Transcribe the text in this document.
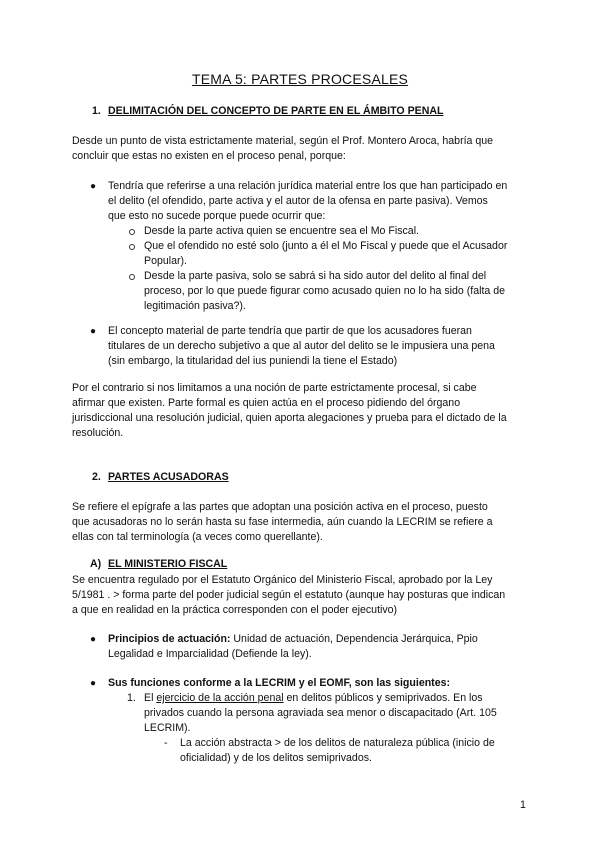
TEMA 5: PARTES PROCESALES
1. DELIMITACIÓN DEL CONCEPTO DE PARTE EN EL ÁMBITO PENAL
Desde un punto de vista estrictamente material, según el Prof. Montero Aroca, habría que
concluir que estas no existen en el proceso penal, porque:
● Tendría que referirse a una relación jurídica material entre los que han participado en
el delito (el ofendido, parte activa y el autor de la ofensa en parte pasiva). Vemos
que esto no sucede porque puede ocurrir que:
Desde la parte activa quien se encuentre sea el Mo Fiscal.
Que el ofendido no esté solo (junto a él el Mo Fiscal y puede que el Acusador
Popular).
Desde la parte pasiva, solo se sabrá si ha sido autor del delito al final del
proceso, por lo que puede figurar como acusado quien no lo ha sido (falta de
legitimación pasiva?).
● El concepto material de parte tendría que partir de que los acusadores fueran
titulares de un derecho subjetivo a que al autor del delito se le impusiera una pena
(sin embargo, la titularidad del ius puniendi la tiene el Estado)
Por el contrario si nos limitamos a una noción de parte estrictamente procesal, si cabe
afirmar que existen. Parte formal es quien actúa en el proceso pidiendo del órgano
jurisdiccional una resolución judicial, quien aporta alegaciones y prueba para el dictado de la
resolución.
2. PARTES ACUSADORAS
Se refiere el epígrafe a las partes que adoptan una posición activa en el proceso, puesto
que acusadoras no lo serán hasta su fase intermedia, aún cuando la LECRIM se refiere a
ellas con tal terminología (a veces como querellante).
A) EL MINISTERIO FISCAL
Se encuentra regulado por el Estatuto Orgánico del Ministerio Fiscal, aprobado por la Ley
5/1981 . > forma parte del poder judicial según el estatuto (aunque hay posturas que indican
a que en realidad en la práctica corresponden con el poder ejecutivo)
● Principios de actuación: Unidad de actuación, Dependencia Jerárquica, Ppio
Legalidad e Imparcialidad (Defiende la ley).
● Sus funciones conforme a la LECRIM y el EOMF, son las siguientes:
1. El ejercicio de la acción penal en delitos públicos y semiprivados. En los
privados cuando la persona agraviada sea menor o discapacitado (Art. 105
LECRIM).
- La acción abstracta > de los delitos de naturaleza pública (inicio de
oficialidad) y de los delitos semiprivados.
1
